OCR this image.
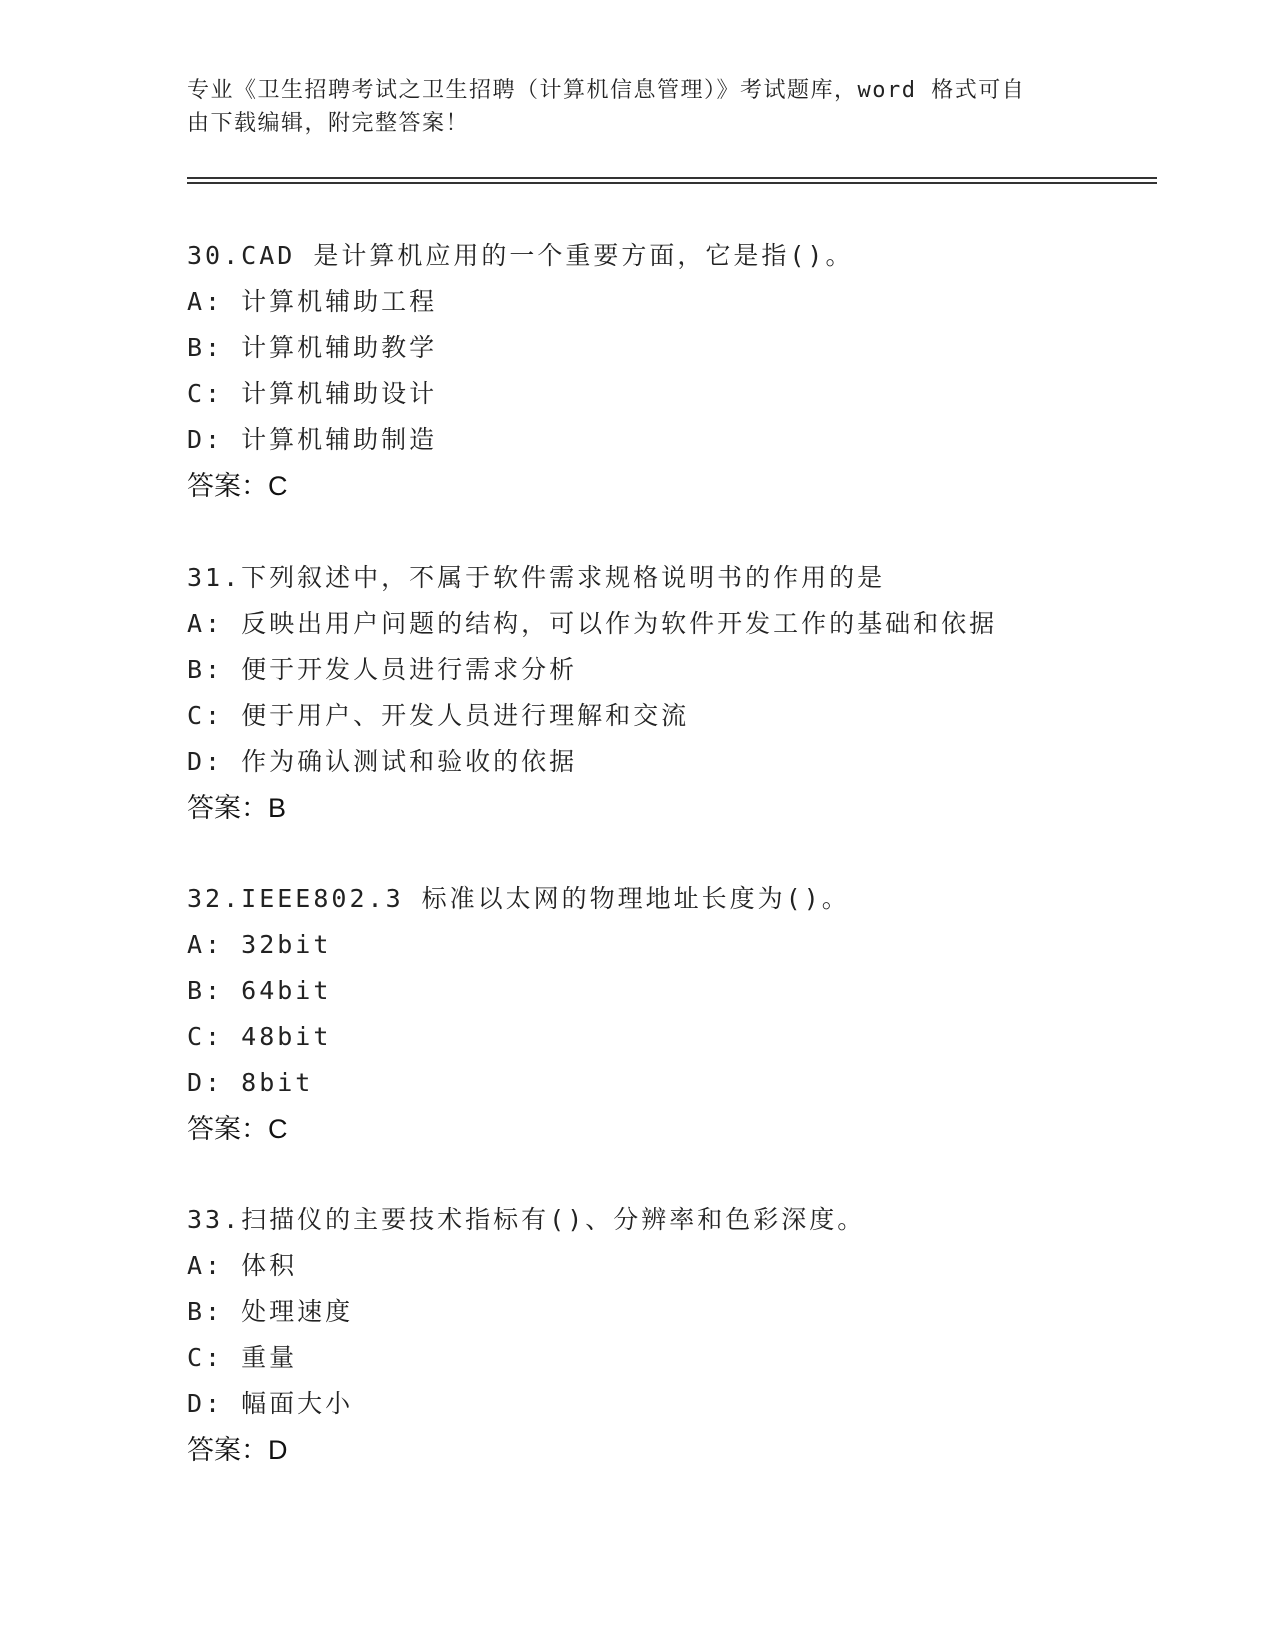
专业《卫生招聘考试之卫生招聘（计算机信息管理）》考试题库，word 格式可自
由下载编辑，附完整答案！
30.CAD 是计算机应用的一个重要方面，它是指()。
A: 计算机辅助工程
B: 计算机辅助教学
C: 计算机辅助设计
D: 计算机辅助制造
答案：C
31.下列叙述中，不属于软件需求规格说明书的作用的是
A: 反映出用户问题的结构，可以作为软件开发工作的基础和依据
B: 便于开发人员进行需求分析
C: 便于用户、开发人员进行理解和交流
D: 作为确认测试和验收的依据
答案：B
32.IEEE802.3 标准以太网的物理地址长度为()。
A: 32bit
B: 64bit
C: 48bit
D: 8bit
答案：C
33.扫描仪的主要技术指标有()、分辨率和色彩深度。
A: 体积
B: 处理速度
C: 重量
D: 幅面大小
答案：D
